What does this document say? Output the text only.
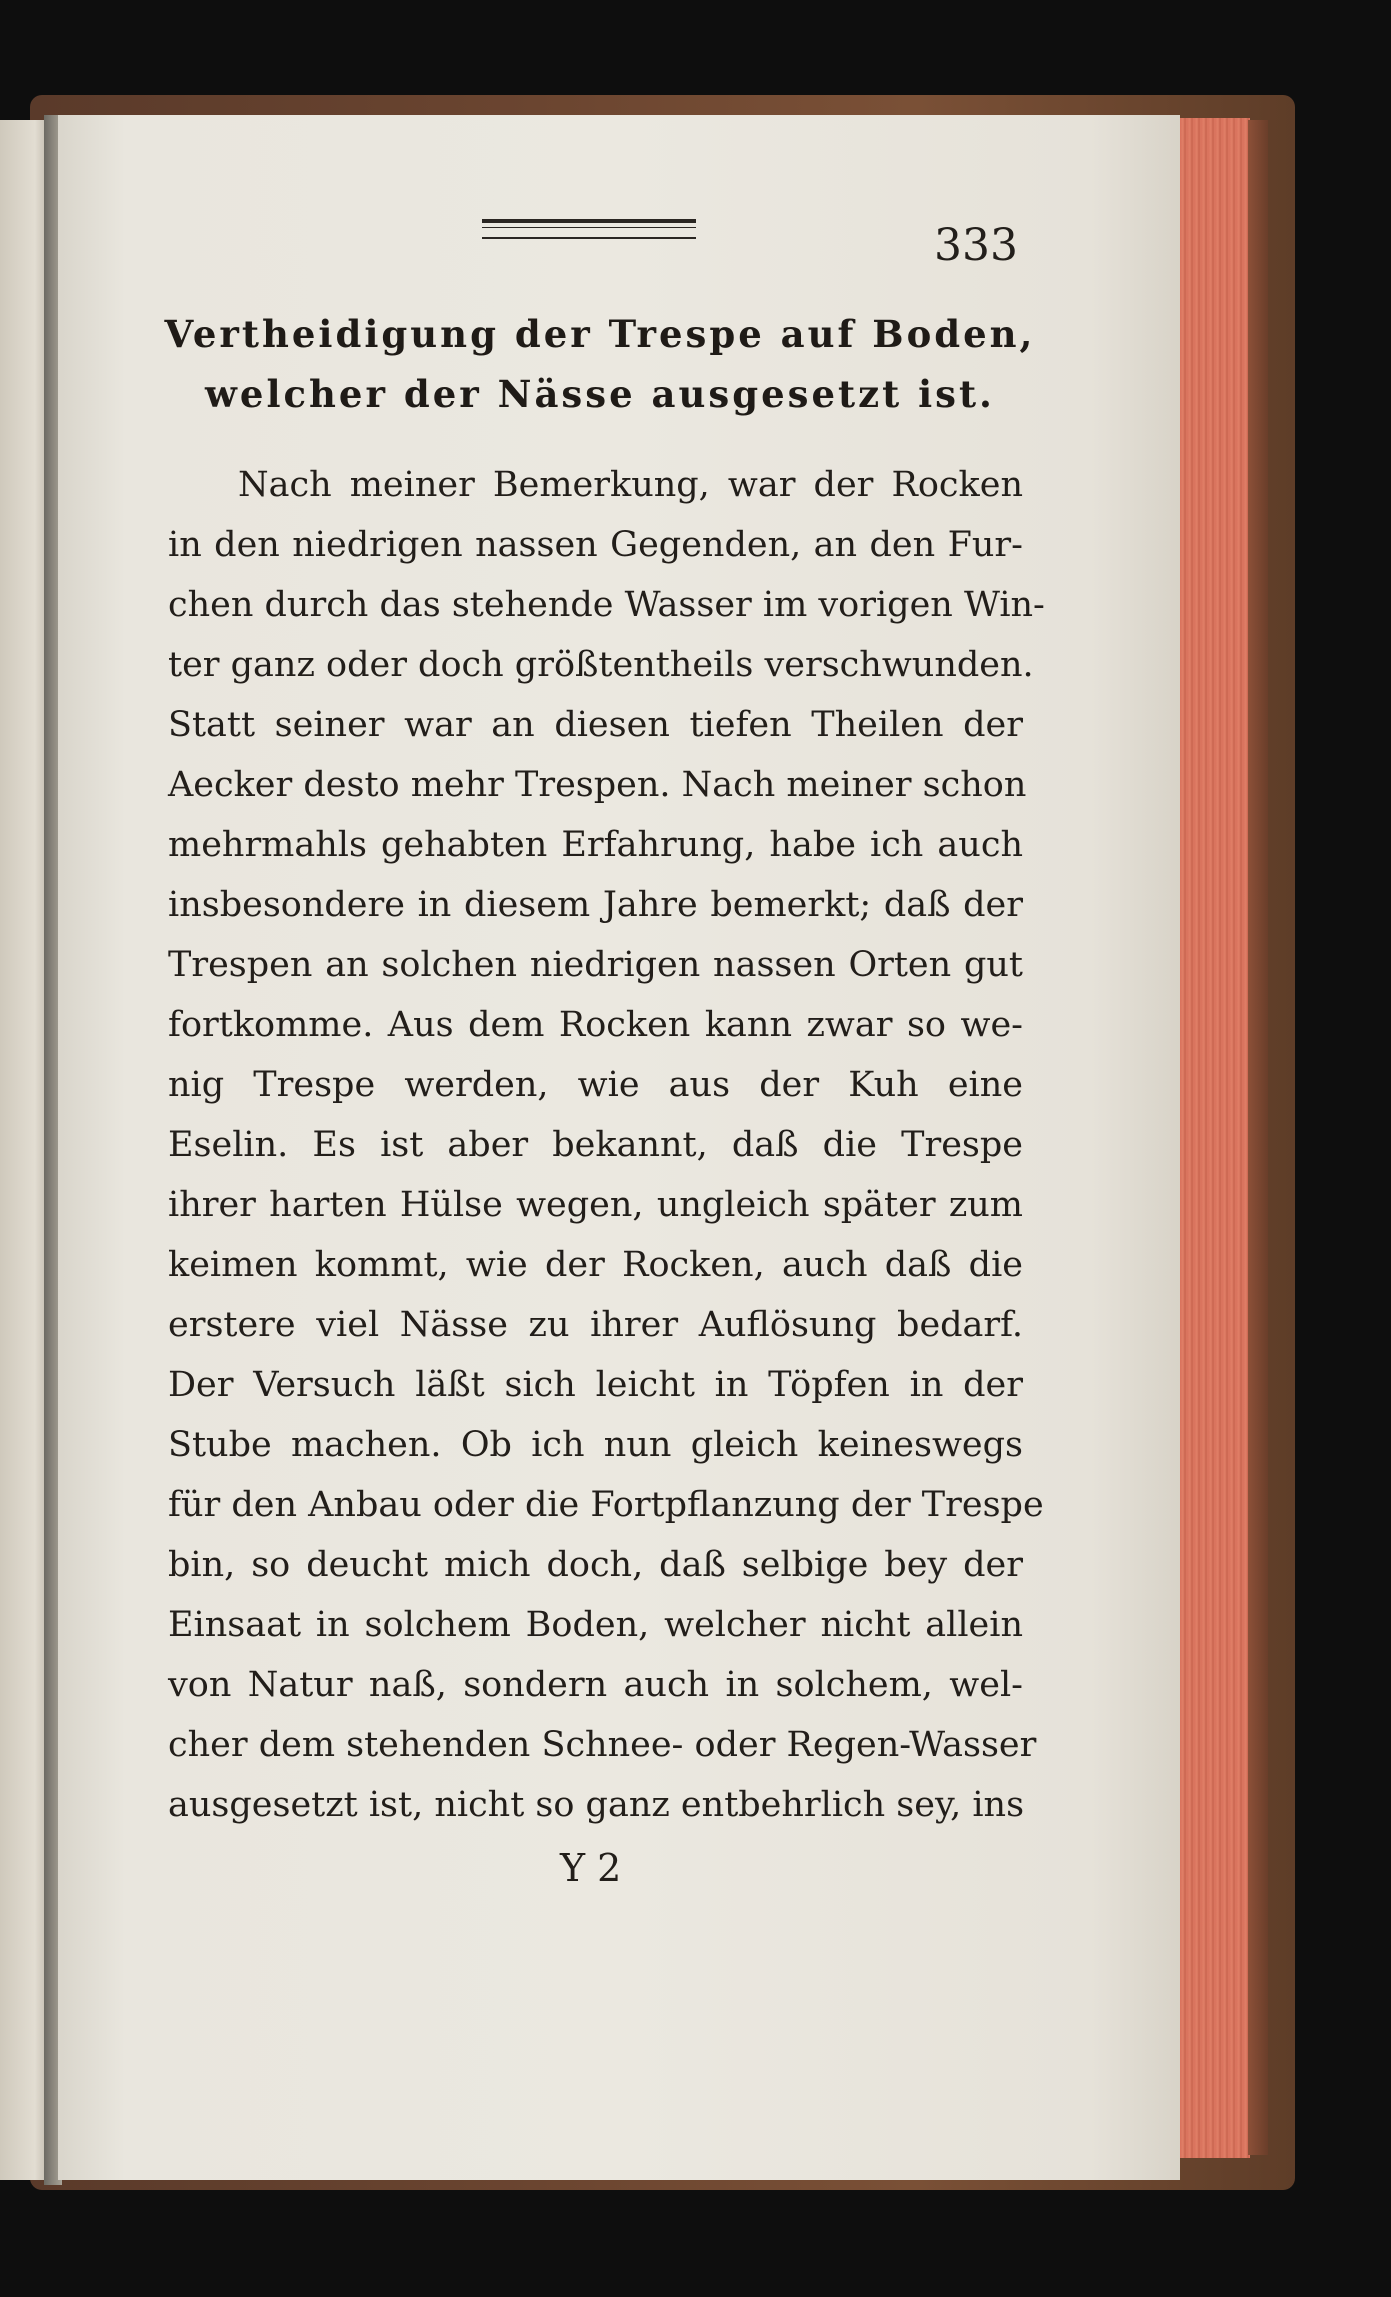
333
Vertheidigung der Trespe auf Boden,
welcher der Nässe ausgesetzt ist.
Nach meiner Bemerkung, war der Rocken
in den niedrigen nassen Gegenden, an den Fur-
chen durch das stehende Wasser im vorigen Win-
ter ganz oder doch größtentheils verschwunden.
Statt seiner war an diesen tiefen Theilen der
Aecker desto mehr Trespen. Nach meiner schon
mehrmahls gehabten Erfahrung, habe ich auch
insbesondere in diesem Jahre bemerkt; daß der
Trespen an solchen niedrigen nassen Orten gut
fortkomme. Aus dem Rocken kann zwar so we-
nig Trespe werden, wie aus der Kuh eine
Eselin. Es ist aber bekannt, daß die Trespe
ihrer harten Hülse wegen, ungleich später zum
keimen kommt, wie der Rocken, auch daß die
erstere viel Nässe zu ihrer Auflösung bedarf.
Der Versuch läßt sich leicht in Töpfen in der
Stube machen. Ob ich nun gleich keineswegs
für den Anbau oder die Fortpflanzung der Trespe
bin, so deucht mich doch, daß selbige bey der
Einsaat in solchem Boden, welcher nicht allein
von Natur naß, sondern auch in solchem, wel-
cher dem stehenden Schnee- oder Regen-Wasser
ausgesetzt ist, nicht so ganz entbehrlich sey, ins
Y 2
